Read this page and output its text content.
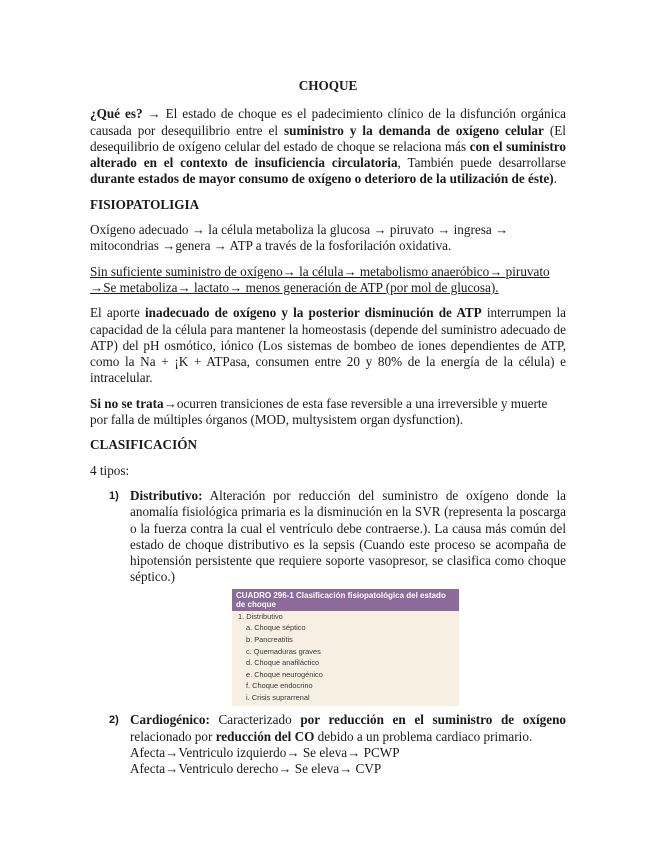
CHOQUE

¿Qué es? → El estado de choque es el padecimiento clínico de la disfunción orgánica causada por desequilibrio entre el suministro y la demanda de oxígeno celular (El desequilibrio de oxígeno celular del estado de choque se relaciona más con el suministro alterado en el contexto de insuficiencia circulatoria, También puede desarrollarse durante estados de mayor consumo de oxígeno o deterioro de la utilización de éste).

FISIOPATOLIGIA

Oxígeno adecuado → la célula metaboliza la glucosa → piruvato → ingresa → mitocondrias →genera → ATP a través de la fosforilación oxidativa.

Sin suficiente suministro de oxígeno→ la célula→ metabolismo anaeróbico→ piruvato →Se metaboliza→ lactato→ menos generación de ATP (por mol de glucosa).

El aporte inadecuado de oxígeno y la posterior disminución de ATP interrumpen la capacidad de la célula para mantener la homeostasis (depende del suministro adecuado de ATP) del pH osmótico, iónico (Los sistemas de bombeo de iones dependientes de ATP, como la Na + ¡K + ATPasa, consumen entre 20 y 80% de la energía de la célula) e intracelular.

Si no se trata→ocurren transiciones de esta fase reversible a una irreversible y muerte por falla de múltiples órganos (MOD, multysistem organ dysfunction).

CLASIFICACIÓN

4 tipos:

1) Distributivo: Alteración por reducción del suministro de oxígeno donde la anomalía fisiológica primaria es la disminución en la SVR (representa la poscarga o la fuerza contra la cual el ventrículo debe contraerse.). La causa más común del estado de choque distributivo es la sepsis (Cuando este proceso se acompaña de hipotensión persistente que requiere soporte vasopresor, se clasifica como choque séptico.)
CUADRO 296-1 Clasificación fisiopatológica del estado de choque
1. Distributivo
a. Choque séptico
b. Pancreatitis
c. Quemaduras graves
d. Choque anafiláctico
e. Choque neurogénico
f. Choque endocrino
i. Crisis suprarrenal
2) Cardiogénico: Caracterizado por reducción en el suministro de oxígeno relacionado por reducción del CO debido a un problema cardiaco primario.

Afecta→Ventriculo izquierdo→ Se eleva→ PCWP

Afecta→Ventriculo derecho→ Se eleva→ CVP
